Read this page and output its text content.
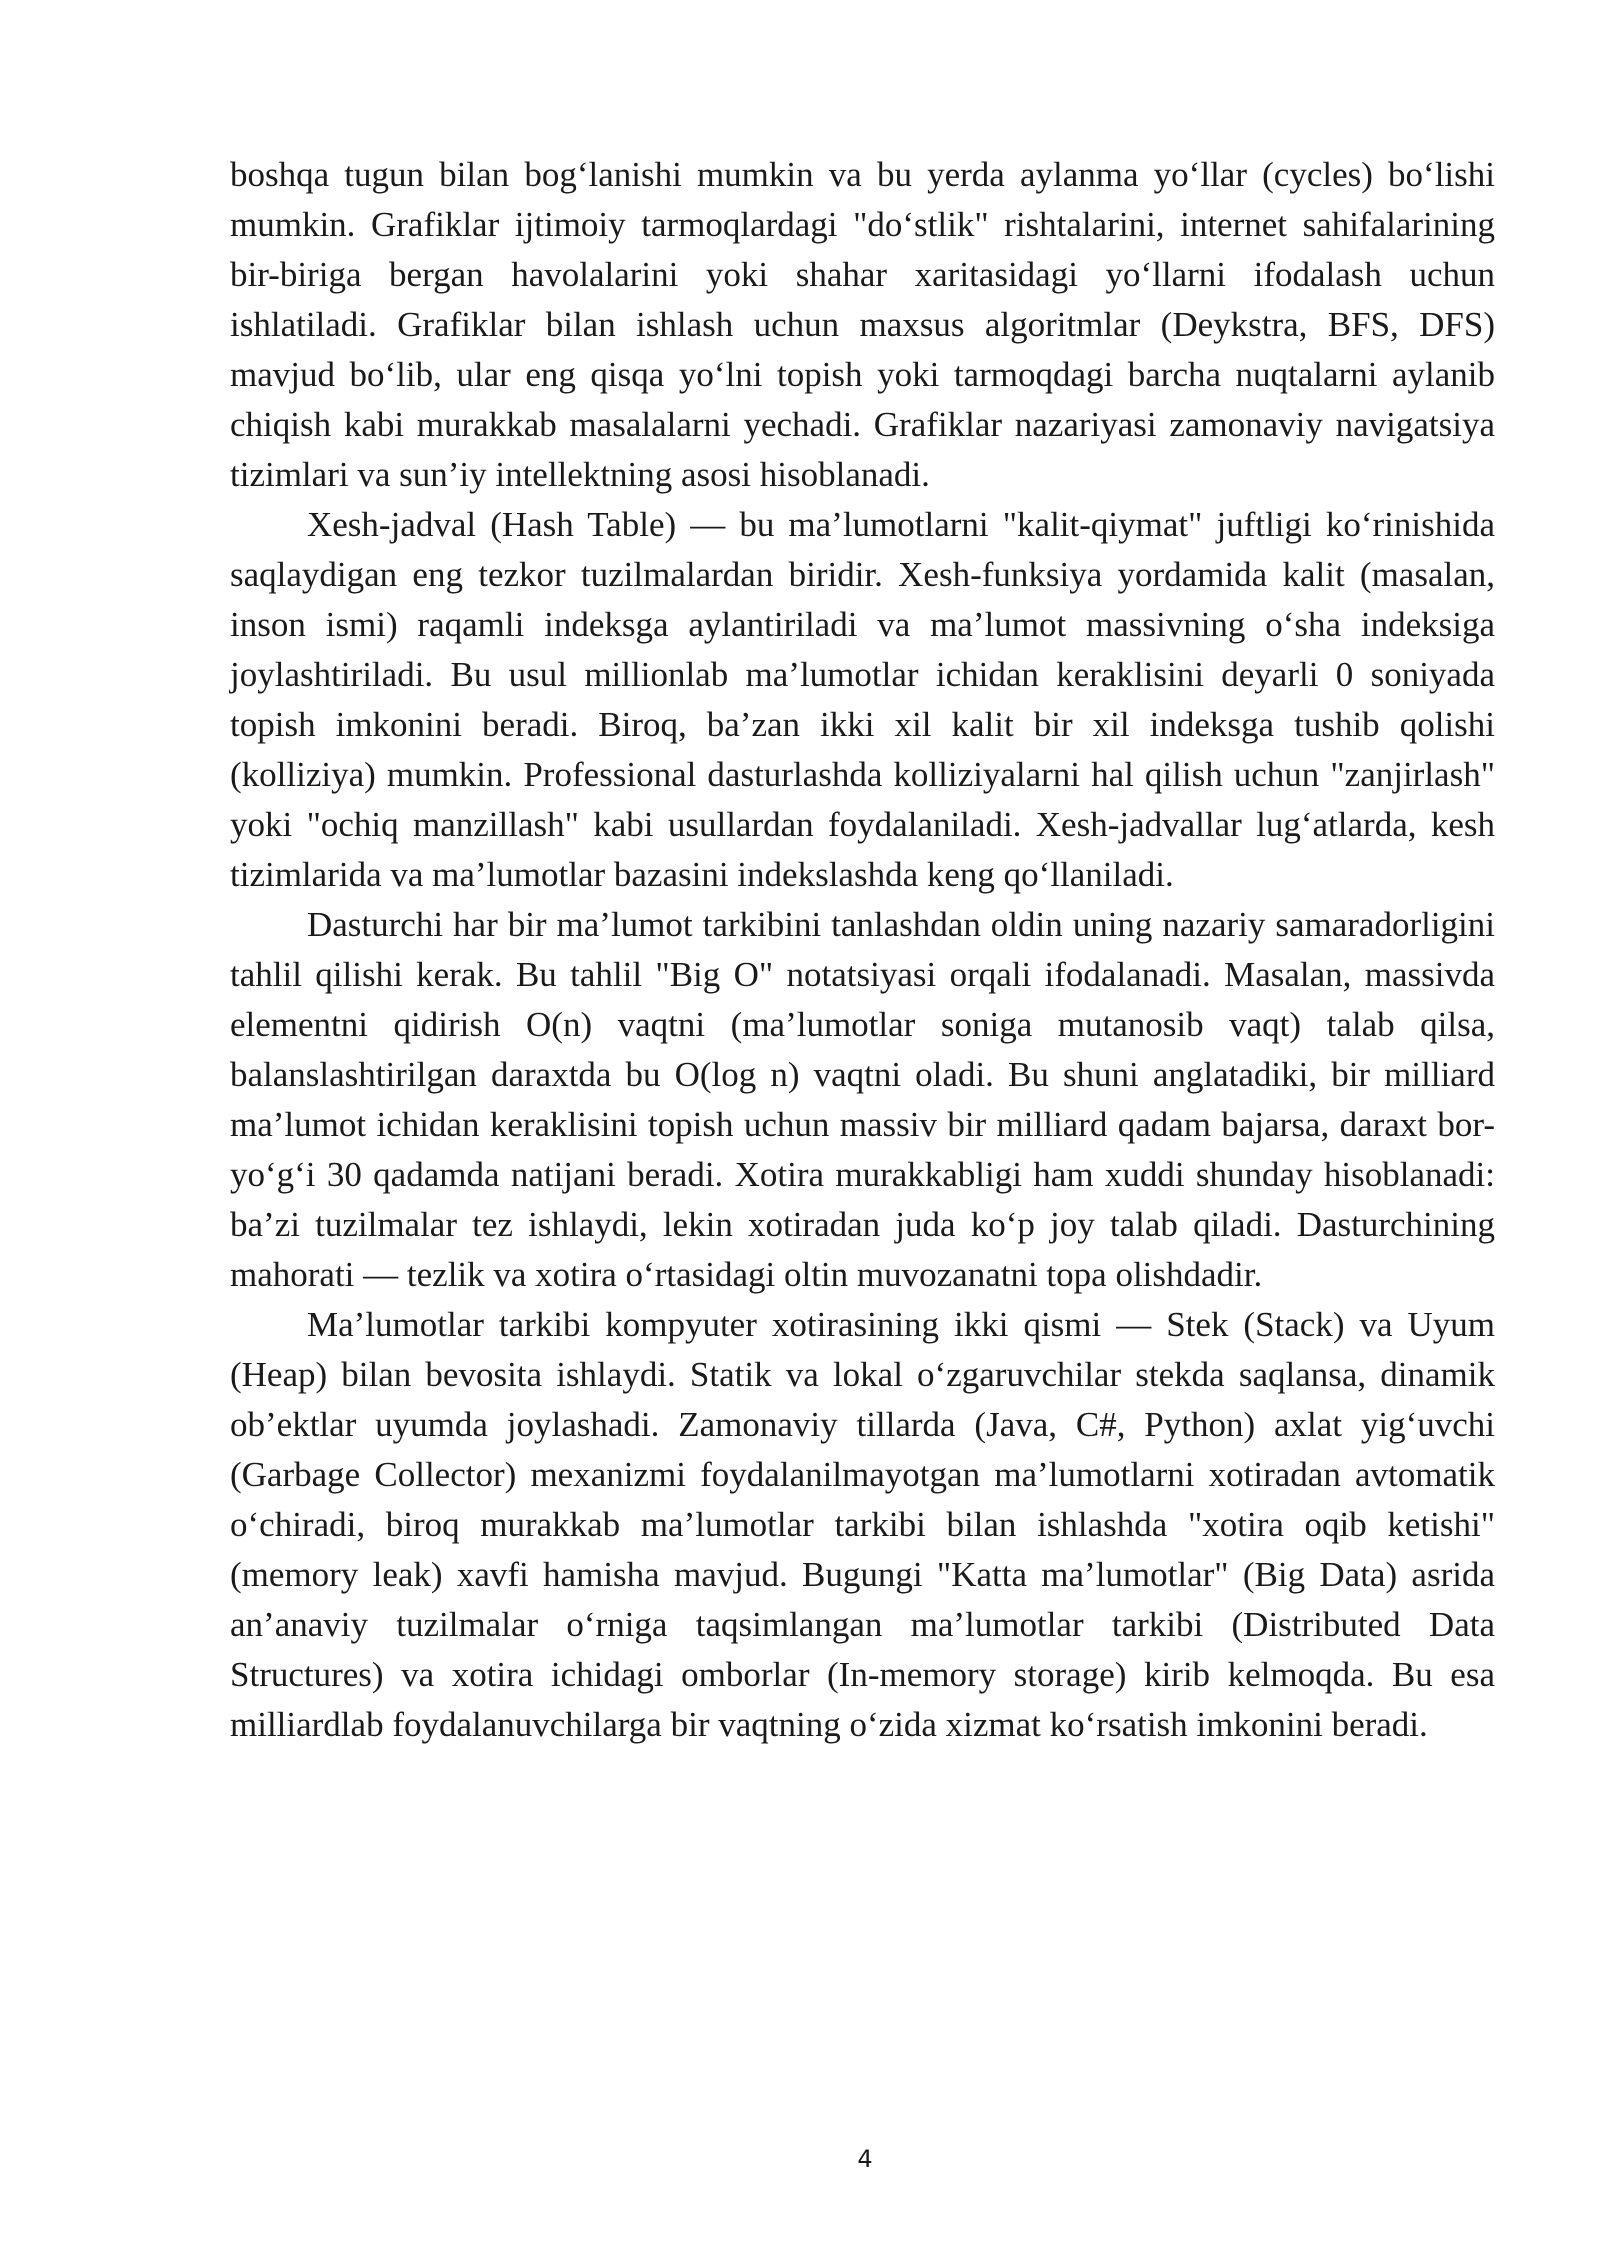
boshqa tugun bilan bog‘lanishi mumkin va bu yerda aylanma yo‘llar (cycles) bo‘lishi mumkin. Grafiklar ijtimoiy tarmoqlardagi "do‘stlik" rishtalarini, internet sahifalarining bir-biriga bergan havolalarini yoki shahar xaritasidagi yo‘llarni ifodalash uchun ishlatiladi. Grafiklar bilan ishlash uchun maxsus algoritmlar (Deykstra, BFS, DFS) mavjud bo‘lib, ular eng qisqa yo‘lni topish yoki tarmoqdagi barcha nuqtalarni aylanib chiqish kabi murakkab masalalarni yechadi. Grafiklar nazariyasi zamonaviy navigatsiya tizimlari va sun’iy intellektning asosi hisoblanadi.

Xesh-jadval (Hash Table) — bu ma’lumotlarni "kalit-qiymat" juftligi ko‘rinishida saqlaydigan eng tezkor tuzilmalardan biridir. Xesh-funksiya yordamida kalit (masalan, inson ismi) raqamli indeksga aylantiriladi va ma’lumot massivning o‘sha indeksiga joylashtiriladi. Bu usul millionlab ma’lumotlar ichidan keraklisini deyarli 0 soniyada topish imkonini beradi. Biroq, ba’zan ikki xil kalit bir xil indeksga tushib qolishi (kolliziya) mumkin. Professional dasturlashda kolliziyalarni hal qilish uchun "zanjirlash" yoki "ochiq manzillash" kabi usullardan foydalaniladi. Xesh-jadvallar lug‘atlarda, kesh tizimlarida va ma’lumotlar bazasini indekslashda keng qo‘llaniladi.

Dasturchi har bir ma’lumot tarkibini tanlashdan oldin uning nazariy samaradorligini tahlil qilishi kerak. Bu tahlil "Big O" notatsiyasi orqali ifodalanadi. Masalan, massivda elementni qidirish O(n) vaqtni (ma’lumotlar soniga mutanosib vaqt) talab qilsa, balanslashtirilgan daraxtda bu O(log n) vaqtni oladi. Bu shuni anglatadiki, bir milliard ma’lumot ichidan keraklisini topish uchun massiv bir milliard qadam bajarsa, daraxt bor-yo‘g‘i 30 qadamda natijani beradi. Xotira murakkabligi ham xuddi shunday hisoblanadi: ba’zi tuzilmalar tez ishlaydi, lekin xotiradan juda ko‘p joy talab qiladi. Dasturchining mahorati — tezlik va xotira o‘rtasidagi oltin muvozanatni topa olishdadir.

Ma’lumotlar tarkibi kompyuter xotirasining ikki qismi — Stek (Stack) va Uyum (Heap) bilan bevosita ishlaydi. Statik va lokal o‘zgaruvchilar stekda saqlansa, dinamik ob’ektlar uyumda joylashadi. Zamonaviy tillarda (Java, C#, Python) axlat yig‘uvchi (Garbage Collector) mexanizmi foydalanilmayotgan ma’lumotlarni xotiradan avtomatik o‘chiradi, biroq murakkab ma’lumotlar tarkibi bilan ishlashda "xotira oqib ketishi" (memory leak) xavfi hamisha mavjud. Bugungi "Katta ma’lumotlar" (Big Data) asrida an’anaviy tuzilmalar o‘rniga taqsimlangan ma’lumotlar tarkibi (Distributed Data Structures) va xotira ichidagi omborlar (In-memory storage) kirib kelmoqda. Bu esa milliardlab foydalanuvchilarga bir vaqtning o‘zida xizmat ko‘rsatish imkonini beradi.

4
